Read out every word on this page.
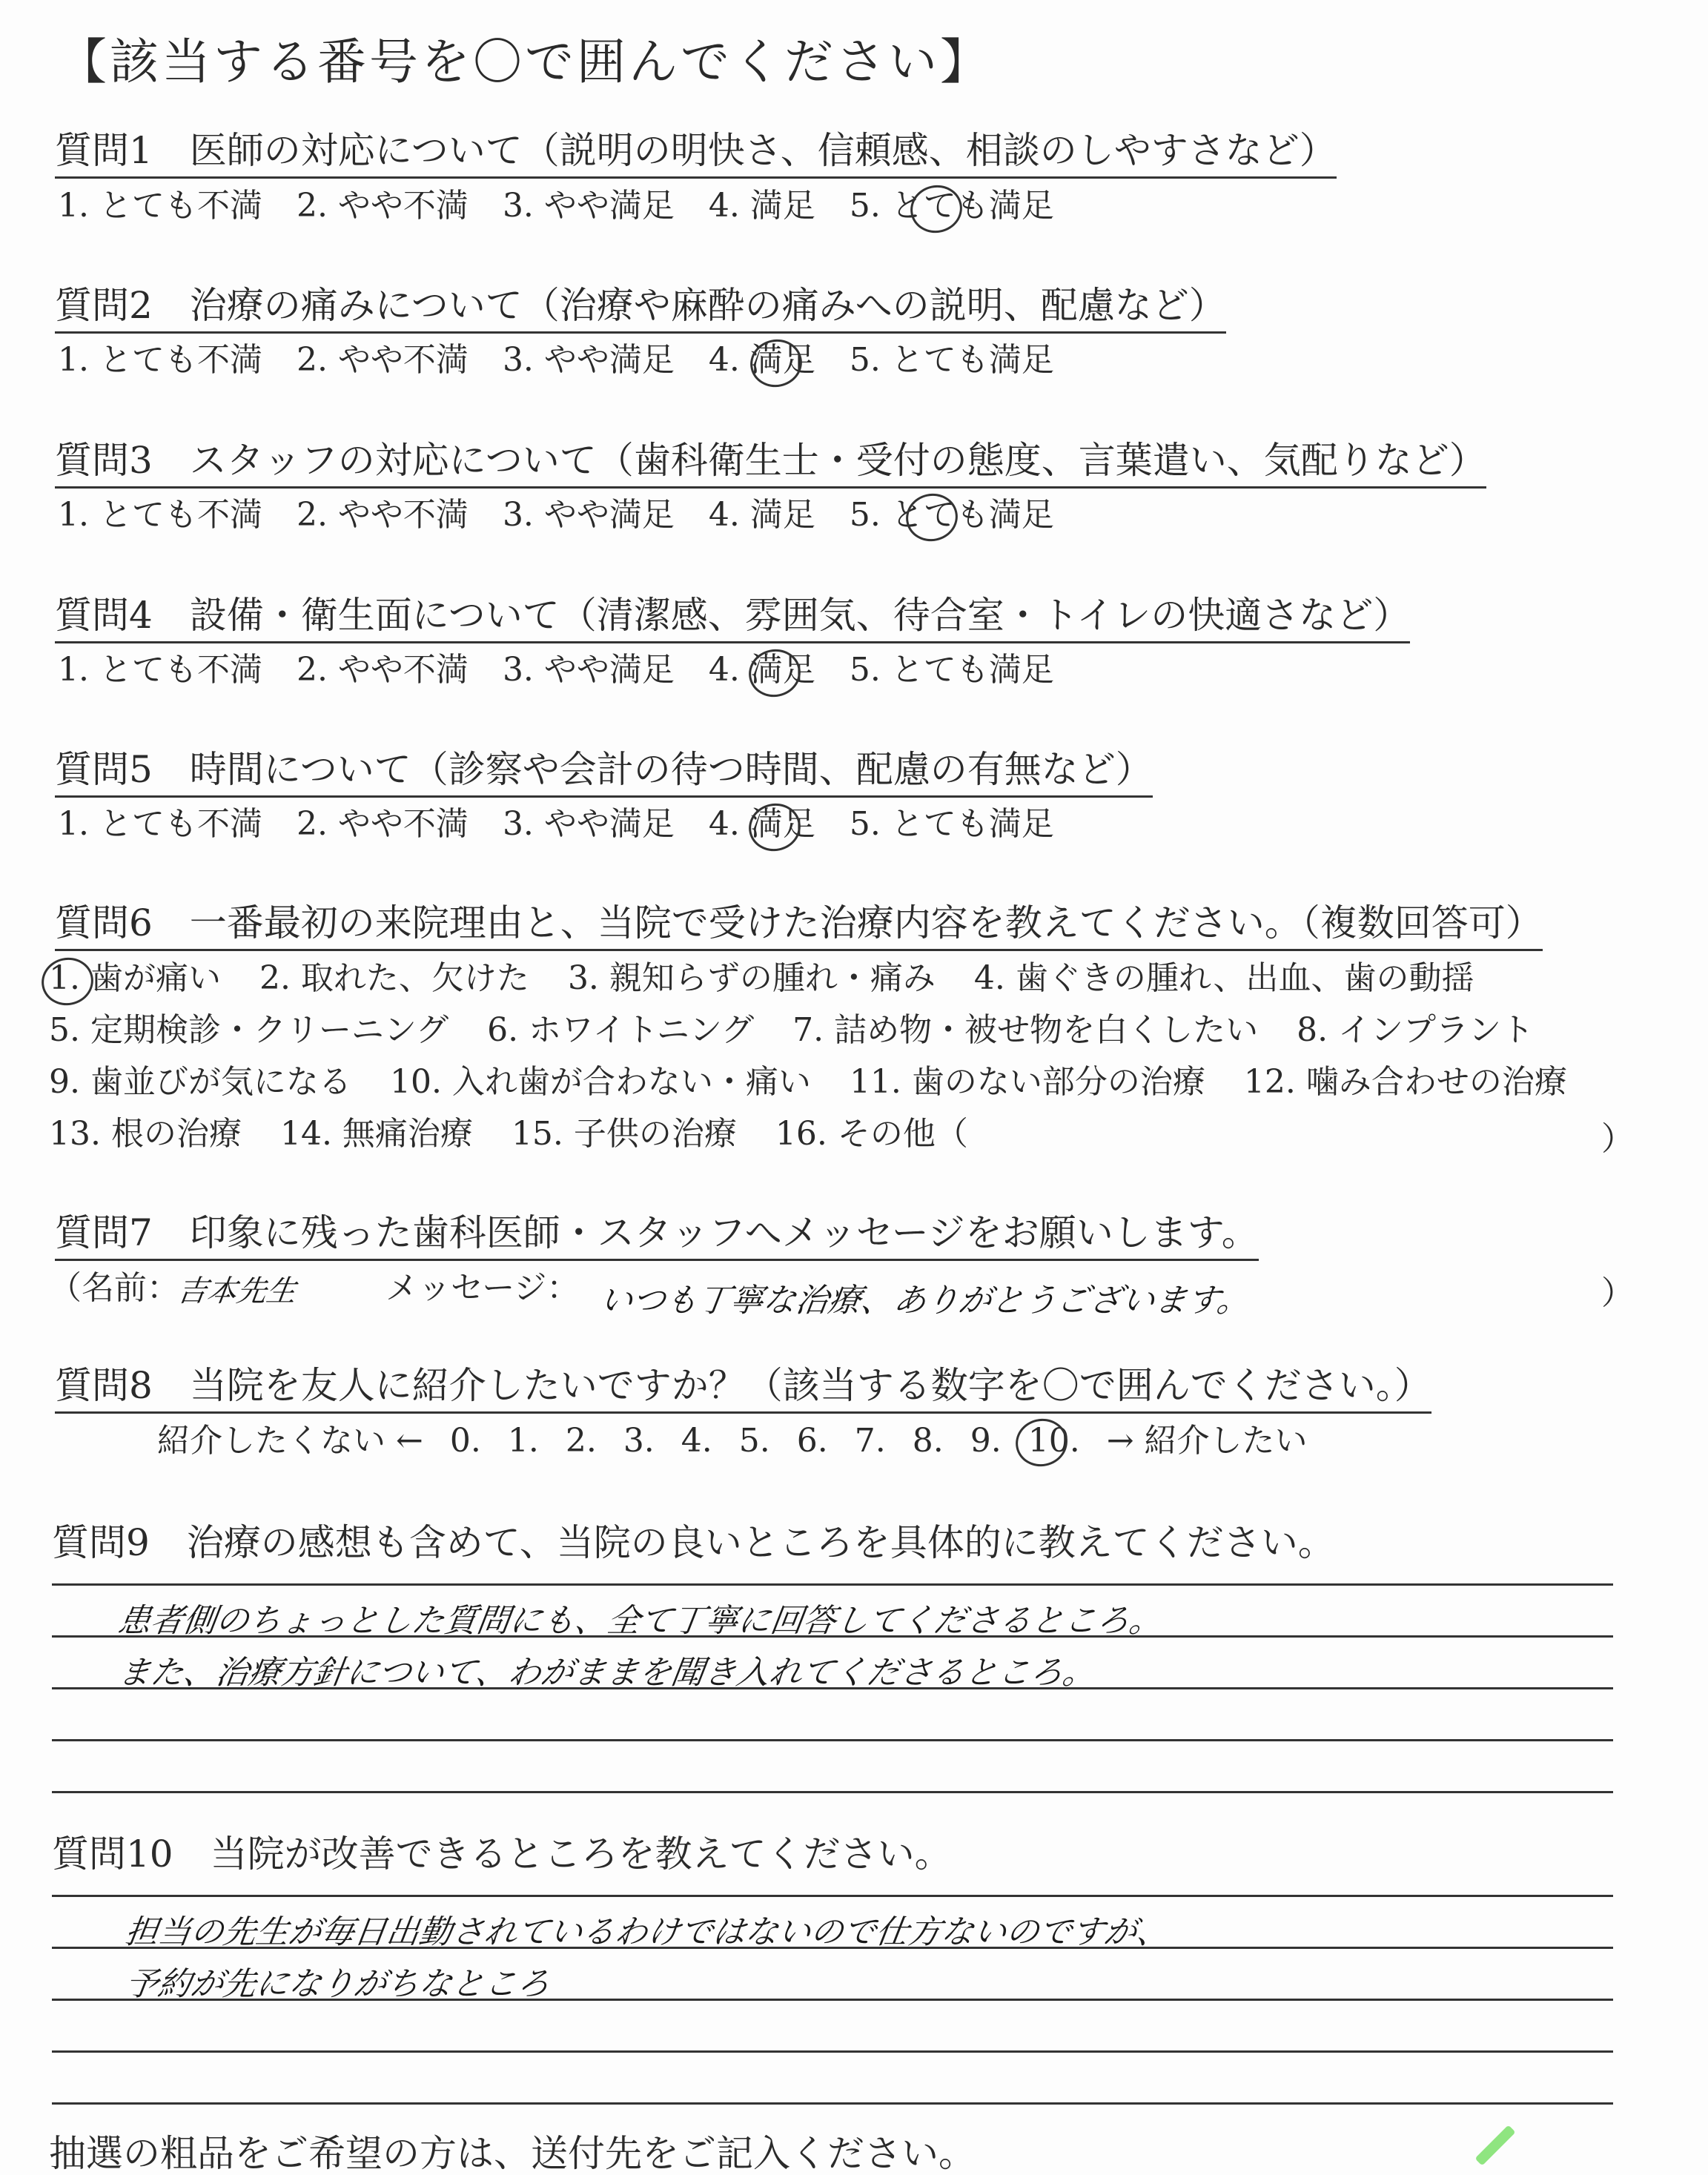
【該当する番号を〇で囲んでください】
質問1　医師の対応について（説明の明快さ、信頼感、相談のしやすさなど）
1. とても不満 2. やや不満 3. やや満足 4. 満足 5. とても満足
質問2　治療の痛みについて（治療や麻酔の痛みへの説明、配慮など）
1. とても不満 2. やや不満 3. やや満足 4. 満足 5. とても満足
質問3　スタッフの対応について（歯科衛生士・受付の態度、言葉遣い、気配りなど）
1. とても不満 2. やや不満 3. やや満足 4. 満足 5. とても満足
質問4　設備・衛生面について（清潔感、雰囲気、待合室・トイレの快適さなど）
1. とても不満 2. やや不満 3. やや満足 4. 満足 5. とても満足
質問5　時間について（診察や会計の待つ時間、配慮の有無など）
1. とても不満 2. やや不満 3. やや満足 4. 満足 5. とても満足
質問6　一番最初の来院理由と、当院で受けた治療内容を教えてください。（複数回答可）
1. 歯が痛い 2. 取れた、欠けた 3. 親知らずの腫れ・痛み 4. 歯ぐきの腫れ、出血、歯の動揺
5. 定期検診・クリーニング 6. ホワイトニング 7. 詰め物・被せ物を白くしたい 8. インプラント
9. 歯並びが気になる 10. 入れ歯が合わない・痛い 11. 歯のない部分の治療 12. 噛み合わせの治療
13. 根の治療 14. 無痛治療 15. 子供の治療 16. その他（	）
質問7　印象に残った歯科医師・スタッフへメッセージをお願いします。
（名前：
吉本先生	メッセージ： いつも丁寧な治療、ありがとうございます。	）
質問8　当院を友人に紹介したいですか？（該当する数字を〇で囲んでください。）
紹介したくない ← 0. 1. 2. 3. 4. 5. 6. 7. 8. 9. 10. → 紹介したい
質問9　治療の感想も含めて、当院の良いところを具体的に教えてください。
患者側のちょっとした質問にも、全て丁寧に回答してくださるところ。
また、治療方針について、わがままを聞き入れてくださるところ。
質問10　当院が改善できるところを教えてください。
担当の先生が毎日出勤されているわけではないので仕方ないのですが、
予約が先になりがちなところ
抽選の粗品をご希望の方は、送付先をご記入ください。
